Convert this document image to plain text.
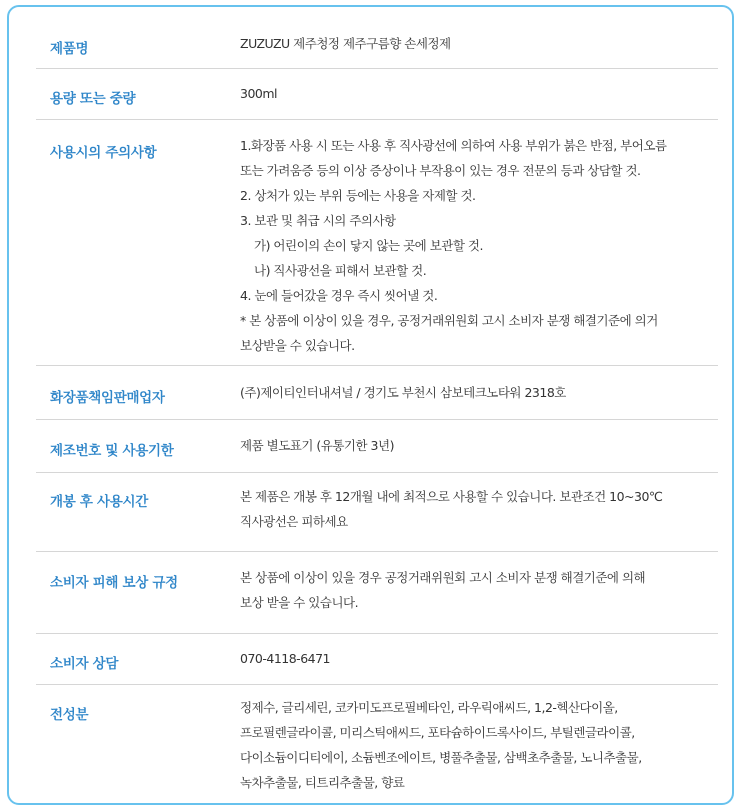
제품명	ZUZUZU 제주청정 제주구름향 손세정제
용량 또는 중량	300ml
사용시의 주의사항	1.화장품 사용 시 또는 사용 후 직사광선에 의하여 사용 부위가 붉은 반점, 부어오름
또는 가려움증 등의 이상 증상이나 부작용이 있는 경우 전문의 등과 상담할 것.
2. 상처가 있는 부위 등에는 사용을 자제할 것.
3. 보관 및 취급 시의 주의사항
가) 어린이의 손이 닿지 않는 곳에 보관할 것.
나) 직사광선을 피해서 보관할 것.
4. 눈에 들어갔을 경우 즉시 씻어낼 것.
* 본 상품에 이상이 있을 경우, 공정거래위원회 고시 소비자 분쟁 해결기준에 의거
보상받을 수 있습니다.
화장품책임판매업자	(주)제이티인터내셔널 / 경기도 부천시 삼보테크노타워 2318호
제조번호 및 사용기한	제품 별도표기 (유통기한 3년)
개봉 후 사용시간	본 제품은 개봉 후 12개월 내에 최적으로 사용할 수 있습니다. 보관조건 10~30℃
직사광선은 피하세요
소비자 피해 보상 규정	본 상품에 이상이 있을 경우 공정거래위원회 고시 소비자 분쟁 해결기준에 의해
보상 받을 수 있습니다.
소비자 상담	070-4118-6471
전성분	정제수, 글리세린, 코카미도프로필베타인, 라우릭애씨드, 1,2-헥산다이올,
프로필렌글라이콜, 미리스틱애씨드, 포타슘하이드록사이드, 부틸렌글라이콜,
다이소듐이디티에이, 소듐벤조에이트, 병풀추출물, 삼백초추출물, 노니추출물,
녹차추출물, 티트리추출물, 향료
